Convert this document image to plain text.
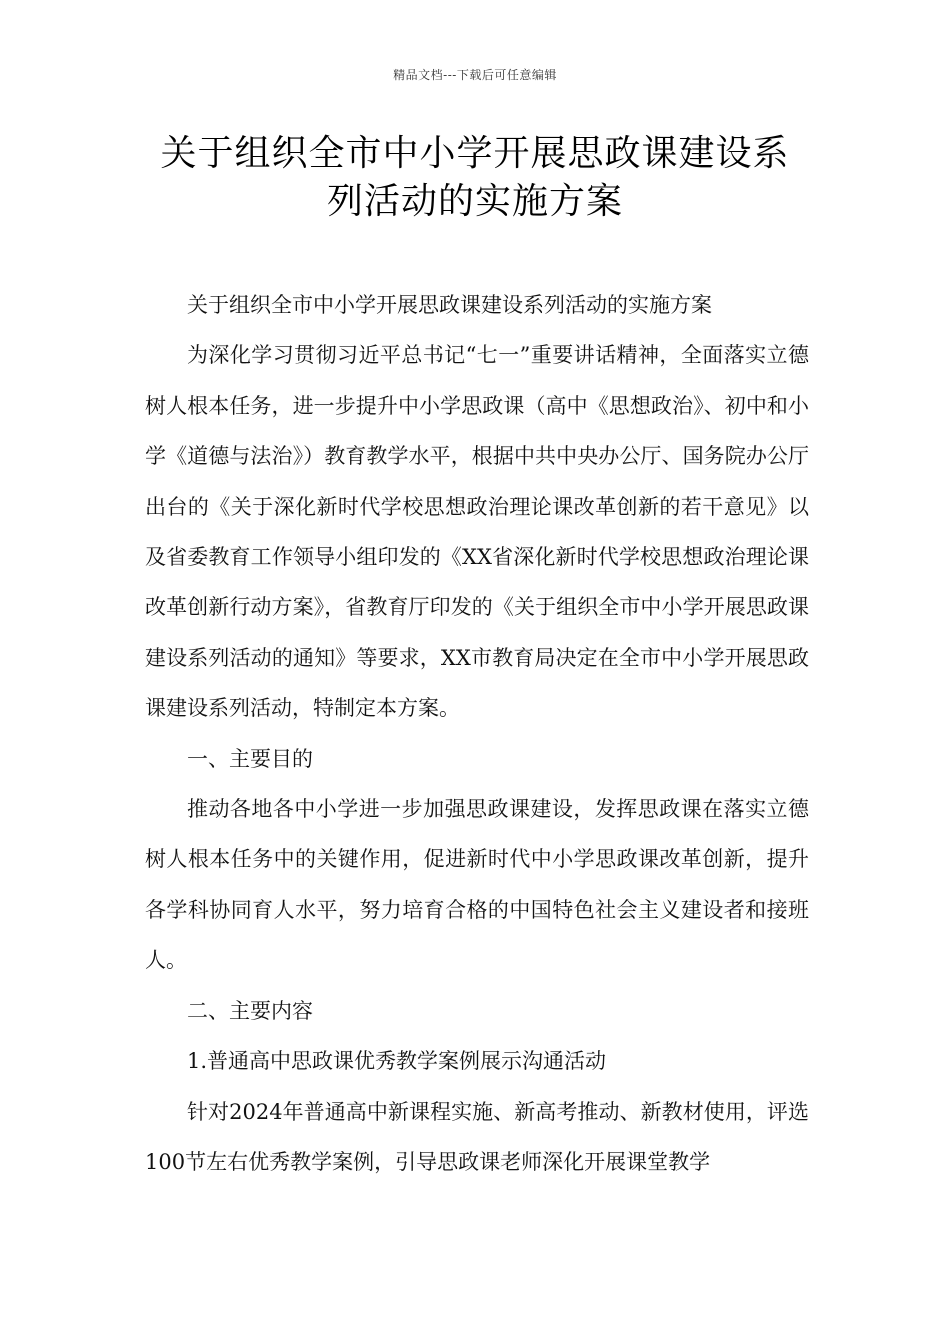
精品文档---下载后可任意编辑
关于组织全市中小学开展思政课建设系
列活动的实施方案

关于组织全市中小学开展思政课建设系列活动的实施方案

为深化学习贯彻习近平总书记“七一”重要讲话精神，全面落实立德树人根本任务，进一步提升中小学思政课（高中《思想政治》、初中和小学《道德与法治》）教育教学水平，根据中共中央办公厅、国务院办公厅出台的《关于深化新时代学校思想政治理论课改革创新的若干意见》以及省委教育工作领导小组印发的《XX省深化新时代学校思想政治理论课改革创新行动方案》，省教育厅印发的《关于组织全市中小学开展思政课建设系列活动的通知》等要求，XX市教育局决定在全市中小学开展思政课建设系列活动，特制定本方案。

一、主要目的

推动各地各中小学进一步加强思政课建设，发挥思政课在落实立德树人根本任务中的关键作用，促进新时代中小学思政课改革创新，提升各学科协同育人水平，努力培育合格的中国特色社会主义建设者和接班人。

二、主要内容

1.普通高中思政课优秀教学案例展示沟通活动

针对2024年普通高中新课程实施、新高考推动、新教材使用，评选100节左右优秀教学案例，引导思政课老师深化开展课堂教学
